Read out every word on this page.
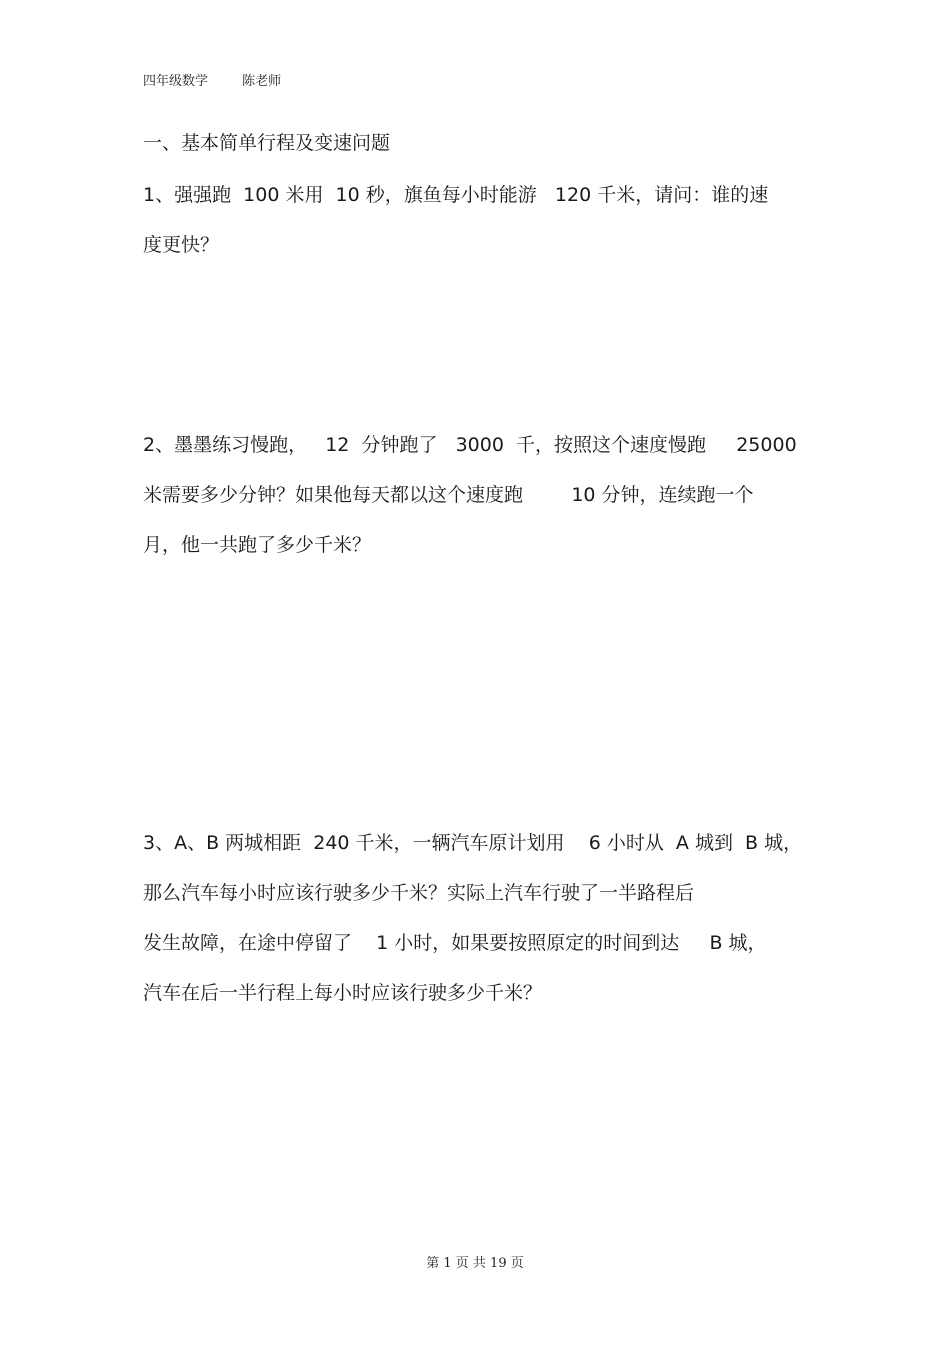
四年级数学	陈老师
一、基本简单行程及变速问题
1、强强跑  100 米用  10 秒，旗鱼每小时能游   120 千米，请问：谁的速
度更快？
2、墨墨练习慢跑，   12  分钟跑了   3000  千，按照这个速度慢跑     25000
米需要多少分钟？如果他每天都以这个速度跑        10 分钟，连续跑一个
月，他一共跑了多少千米？
3、A、B 两城相距  240 千米，一辆汽车原计划用    6 小时从  A 城到  B 城，
那么汽车每小时应该行驶多少千米？实际上汽车行驶了一半路程后
发生故障，在途中停留了    1 小时，如果要按照原定的时间到达     B 城，
汽车在后一半行程上每小时应该行驶多少千米？
第 1 页 共 19 页
